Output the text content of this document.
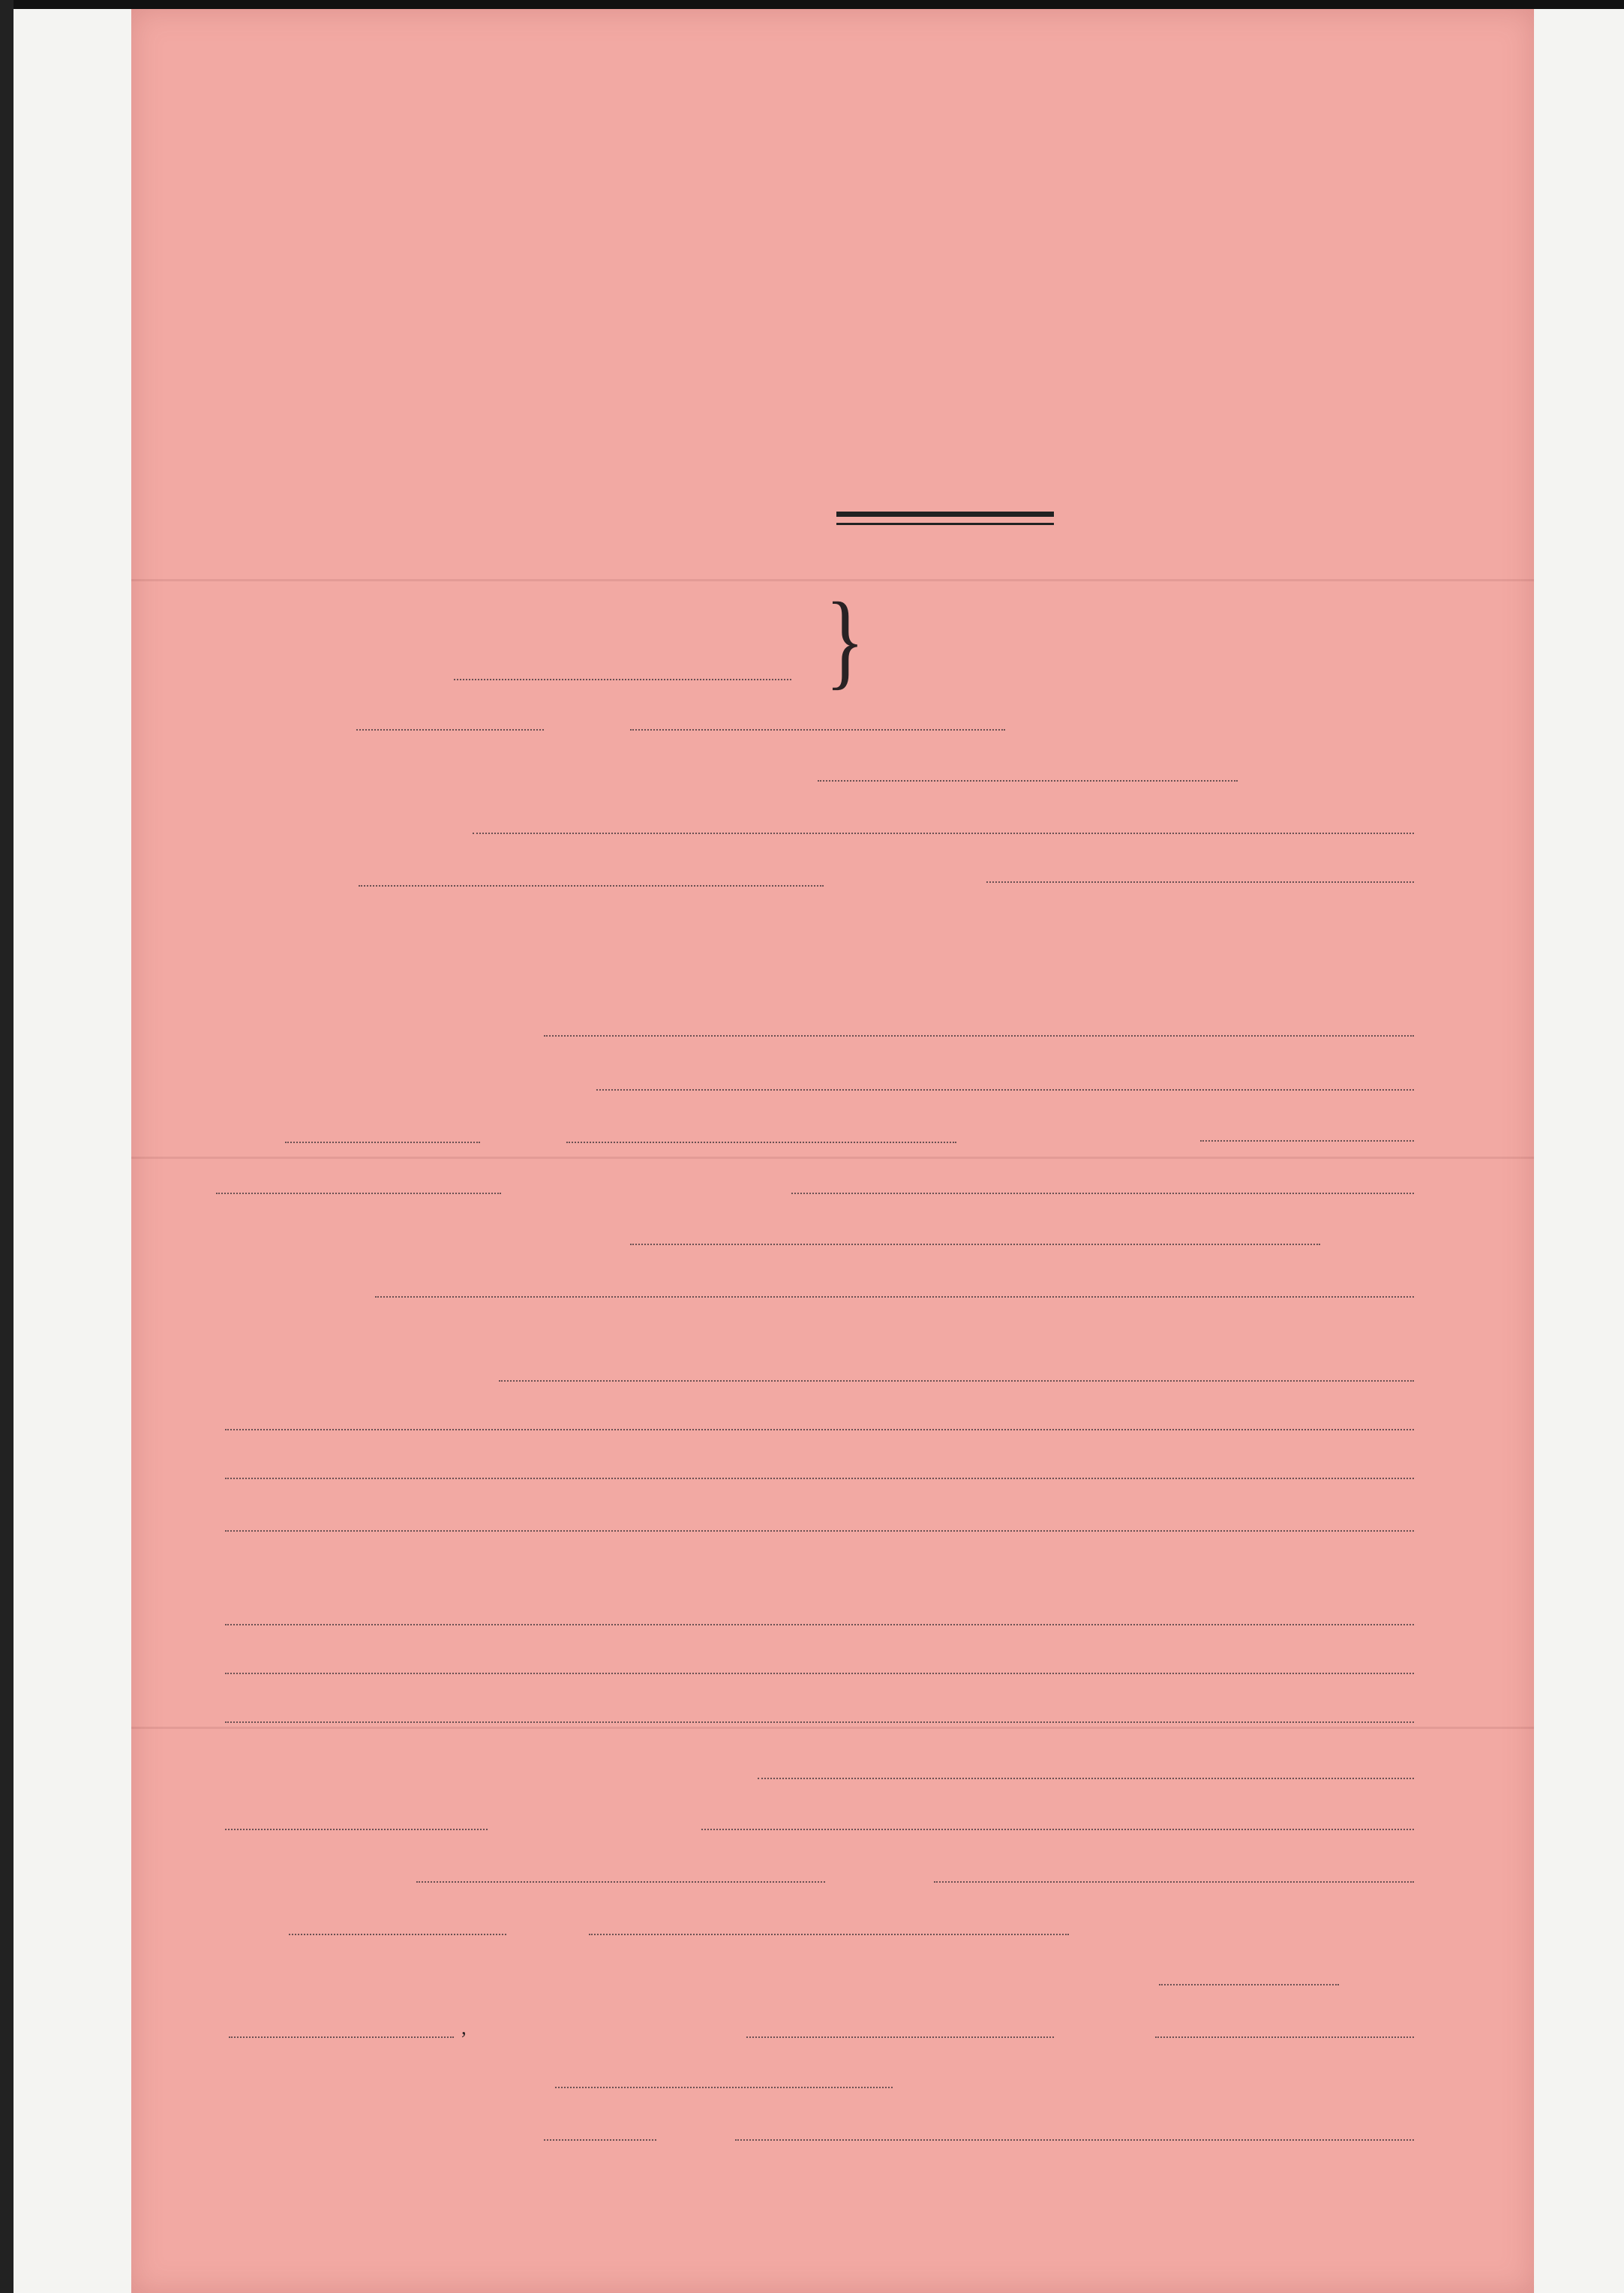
}
,
